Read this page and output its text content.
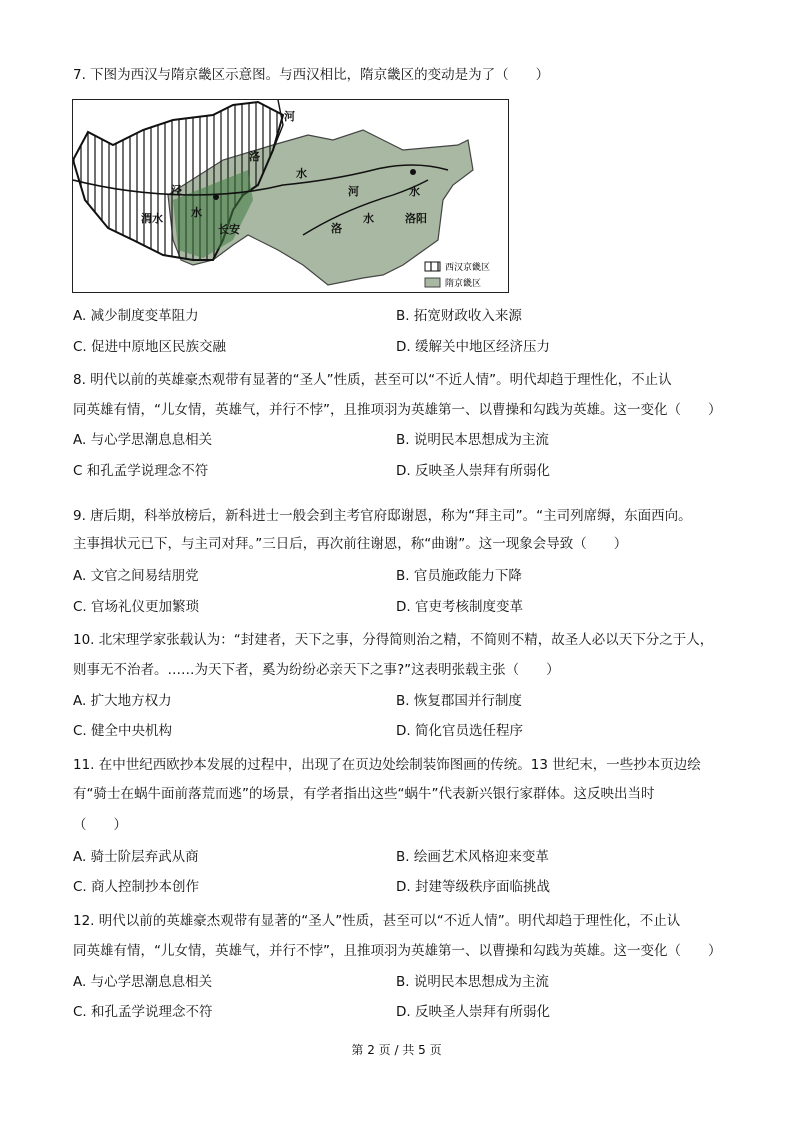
7. 下图为西汉与隋京畿区示意图。与西汉相比，隋京畿区的变动是为了（　　）
河
洛
水
泾
渭水	水
长安
河	水
洛
水	洛阳
西汉京畿区
隋京畿区
A. 减少制度变革阻力	B. 拓宽财政收入来源
C. 促进中原地区民族交融	D. 缓解关中地区经济压力
8. 明代以前的英雄豪杰观带有显著的“圣人”性质，甚至可以“不近人情”。明代却趋于理性化，不止认
同英雄有情，“儿女情，英雄气，并行不悖”，且推项羽为英雄第一、以曹操和勾践为英雄。这一变化（　　）
A. 与心学思潮息息相关	B. 说明民本思想成为主流
C 和孔孟学说理念不符	D. 反映圣人崇拜有所弱化
9. 唐后期，科举放榜后，新科进士一般会到主考官府邸谢恩，称为“拜主司”。“主司列席缛，东面西向。
主事揖状元已下，与主司对拜。”三日后，再次前往谢恩，称“曲谢”。这一现象会导致（　　）
A. 文官之间易结朋党	B. 官员施政能力下降
C. 官场礼仪更加繁琐	D. 官吏考核制度变革
10. 北宋理学家张载认为：“封建者，天下之事，分得简则治之精，不简则不精，故圣人必以天下分之于人，
则事无不治者。……为天下者，奚为纷纷必亲天下之事?”这表明张载主张（　　）
A. 扩大地方权力	B. 恢复郡国并行制度
C. 健全中央机构	D. 简化官员选任程序
11. 在中世纪西欧抄本发展的过程中，出现了在页边处绘制装饰图画的传统。13 世纪末，一些抄本页边绘
有“骑士在蜗牛面前落荒而逃”的场景，有学者指出这些“蜗牛”代表新兴银行家群体。这反映出当时
（　　）
A. 骑士阶层弃武从商	B. 绘画艺术风格迎来变革
C. 商人控制抄本创作	D. 封建等级秩序面临挑战
12. 明代以前的英雄豪杰观带有显著的“圣人”性质，甚至可以“不近人情”。明代却趋于理性化，不止认
同英雄有情，“儿女情，英雄气，并行不悖”，且推项羽为英雄第一、以曹操和勾践为英雄。这一变化（　　）
A. 与心学思潮息息相关	B. 说明民本思想成为主流
C. 和孔孟学说理念不符	D. 反映圣人崇拜有所弱化
第 2 页 / 共 5 页
